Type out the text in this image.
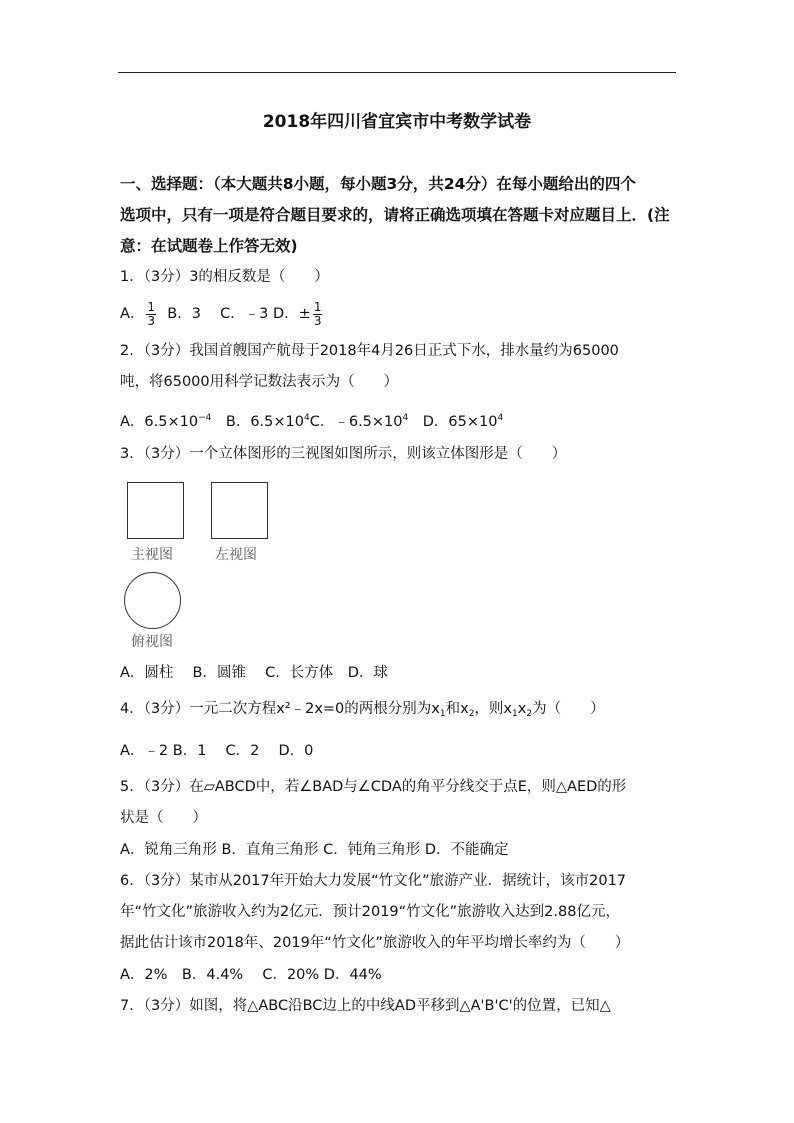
2018年四川省宜宾市中考数学试卷
一、选择题：（本大题共8小题，每小题3分，共24分）在每小题给出的四个
选项中，只有一项是符合题目要求的，请将正确选项填在答题卡对应题目上．(注
意：在试题卷上作答无效)
1．（3分）3的相反数是（　　）
A． $\frac{1}{3}$ B．3　 C．﹣3 D．± $\frac{1}{3}$
2．（3分）我国首艘国产航母于2018年4月26日正式下水，排水量约为65000
吨，将65000用科学记数法表示为（　　）
A．$6.5\times 10^{-4}$　B．$6.5\times 10^4C$．$﹣6.5\times 10^4$　D．$65\times 10^4$
3．（3分）一个立体图形的三视图如图所示，则该立体图形是（　　）
主视图	左视图
俯视图
A．圆柱　 B．圆锥　 C．长方体　D．球
4．（3分）一元二次方程x²﹣2x=0的两根分别为$x_1$和$x_2$，则$x_1x_2$为（　　）
A．﹣2 B．1　 C．2　 D．0
5．（3分）在▱ABCD中，若∠BAD与∠CDA的角平分线交于点E，则△AED的形
状是（　　）
A．锐角三角形 B．直角三角形 C．钝角三角形 D．不能确定
6．（3分）某市从2017年开始大力发展“竹文化”旅游产业．据统计，该市2017
年“竹文化”旅游收入约为2亿元．预计2019“竹文化”旅游收入达到2.88亿元，
据此估计该市2018年、2019年“竹文化”旅游收入的年平均增长率约为（　　）
A．2%　B．4.4%　 C．20% D．44%
7．（3分）如图，将△ABC沿BC边上的中线AD平移到△A'B'C'的位置，已知△
